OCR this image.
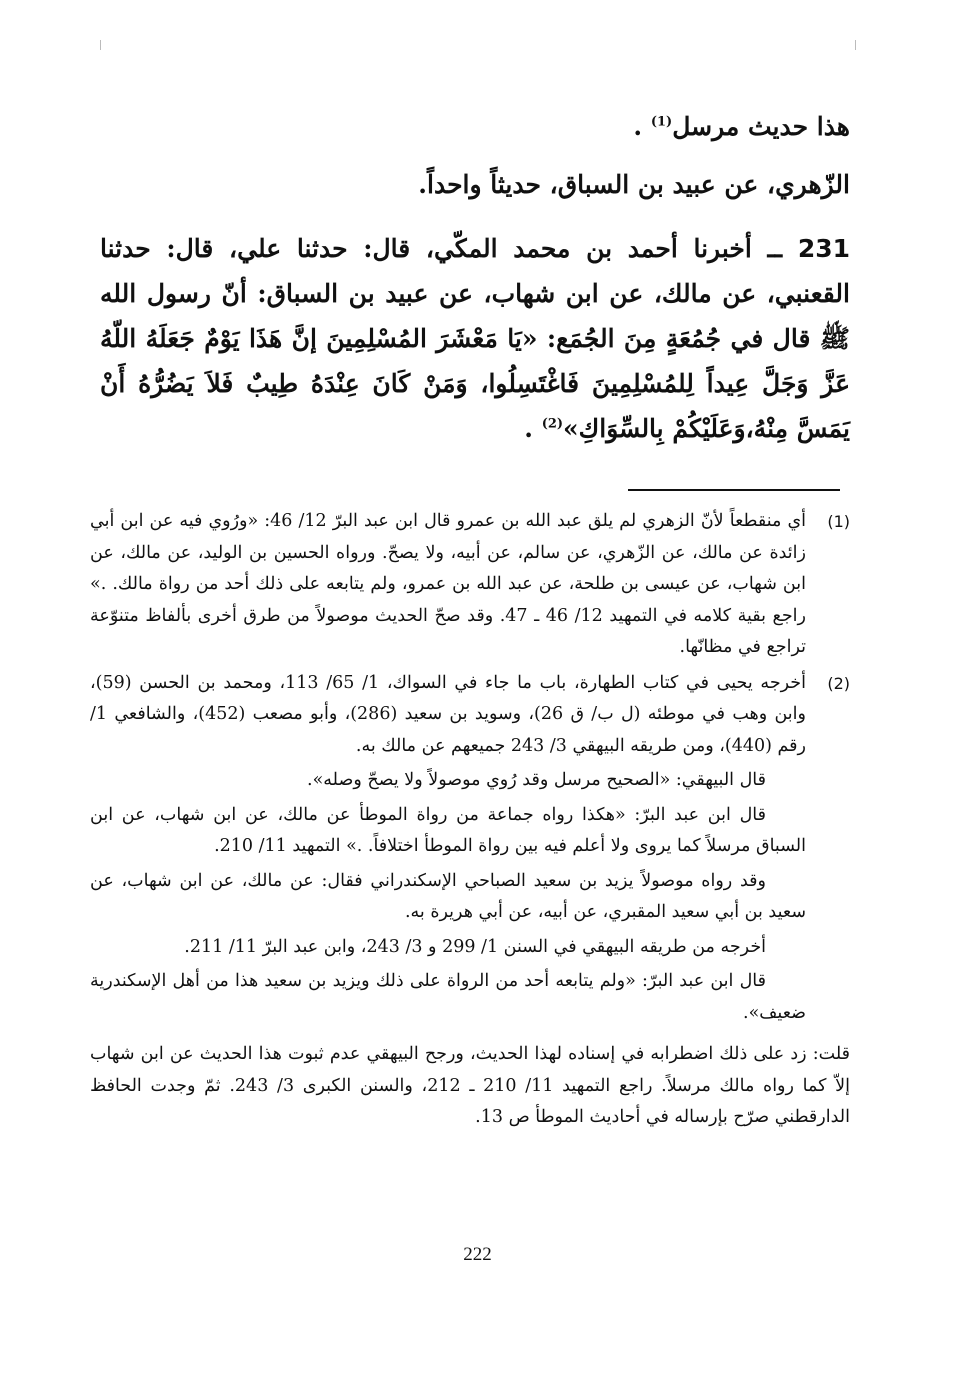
هذا حديث مرسل$^{(1)}$ .

الزّهري، عن عبيد بن السباق، حديثاً واحداً.

231 ــ أخبرنا أحمد بن محمد المكّي، قال: حدثنا علي، قال: حدثنا القعنبي، عن مالك، عن ابن شهاب، عن عبيد بن السباق: أنّ رسول الله ﷺ قال في جُمُعَةٍ مِنَ الجُمَع: «يَا مَعْشَرَ المُسْلِمِينَ إنَّ هَذَا يَوْمٌ جَعَلَهُ اللّهُ عَزَّ وَجَلَّ عِيداً لِلمُسْلِمِينَ فَاغْتَسِلُوا، وَمَنْ كَانَ عِنْدَهُ طِيبٌ فَلاَ يَضُرُّهُ أَنْ يَمَسَّ مِنْهُ،وَعَلَيْكُمْ بِالسِّوَاكِ»$^{(2)}$ .

(1)

أي منقطعاً لأنّ الزهري لم يلق عبد الله بن عمرو قال ابن عبد البرّ 12/ 46: «ورُوي فيه عن ابن أبي زائدة عن مالك، عن الزّهري، عن سالم، عن أبيه، ولا يصحّ. ورواه الحسين بن الوليد، عن مالك، عن ابن شهاب، عن عيسى بن طلحة، عن عبد الله بن عمرو، ولم يتابعه على ذلك أحد من رواة مالك. .» راجع بقية كلامه في التمهيد 12/ 46 ـ 47. وقد صحّ الحديث موصولاً من طرق أخرى بألفاظ متنوّعة تراجع في مظانّها.

(2)

أخرجه يحيى في كتاب الطهارة، باب ما جاء في السواك، 1/ 65/ 113، ومحمد بن الحسن (59)، وابن وهب في موطئه (ل ب/ ق 26)، وسويد بن سعيد (286)، وأبو مصعب (452)، والشافعي 1/ رقم (440)، ومن طريقه البيهقي 3/ 243 جميعهم عن مالك به.

قال البيهقي: «الصحيح مرسل وقد رُوي موصولاً ولا يصحّ وصله».

قال ابن عبد البرّ: «هكذا رواه جماعة من رواة الموطأ عن مالك، عن ابن شهاب، عن ابن السباق مرسلاً كما يروى ولا أعلم فيه بين رواة الموطأ اختلافاً. .» التمهيد 11/ 210.

وقد رواه موصولاً يزيد بن سعيد الصباحي الإسكندراني فقال: عن مالك، عن ابن شهاب، عن سعيد بن أبي سعيد المقبري، عن أبيه، عن أبي هريرة به.

أخرجه من طريقه البيهقي في السنن 1/ 299 و 3/ 243، وابن عبد البرّ 11/ 211.

قال ابن عبد البرّ: «ولم يتابعه أحد من الرواة على ذلك ويزيد بن سعيد هذا من أهل الإسكندرية ضعيف».

قلت: زد على ذلك اضطرابه في إسناده لهذا الحديث، ورجح البيهقي عدم ثبوت هذا الحديث عن ابن شهاب إلاّ كما رواه مالك مرسلاً. راجع التمهيد 11/ 210 ـ 212، والسنن الكبرى 3/ 243. ثمّ وجدت الحافظ الدارقطني صرّح بإرساله في أحاديث الموطأ ص 13.

222
